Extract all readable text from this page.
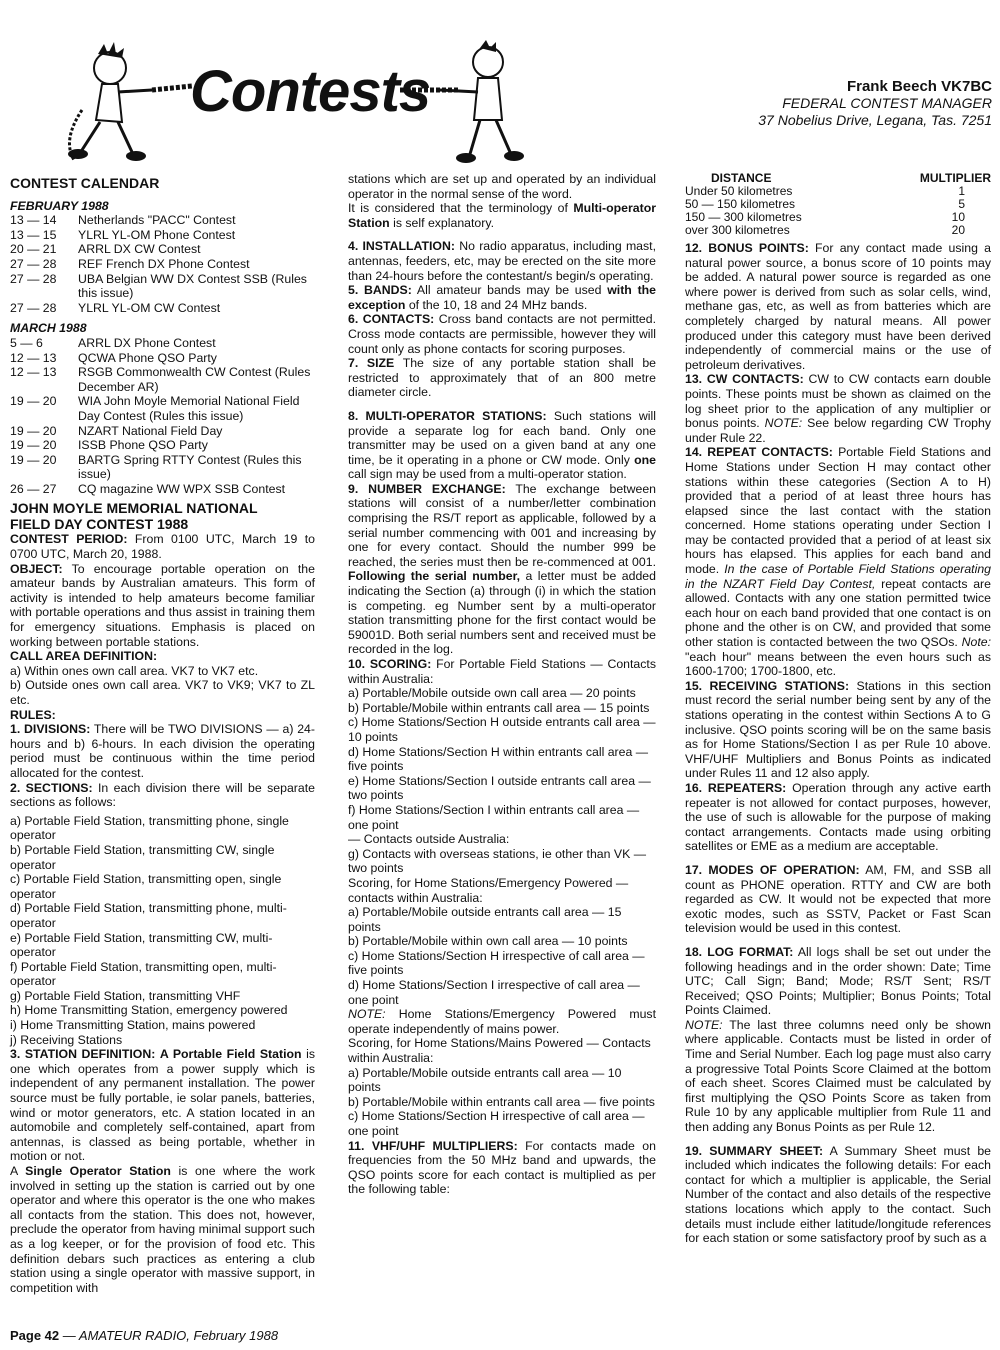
Contests	Frank Beech VK7BC
FEDERAL CONTEST MANAGER
37 Nobelius Drive, Legana, Tas. 7251
CONTEST CALENDAR
FEBRUARY 1988
13 — 14	Netherlands "PACC" Contest
13 — 15	YLRL YL-OM Phone Contest
20 — 21	ARRL DX CW Contest
27 — 28	REF French DX Phone Contest
27 — 28	UBA Belgian WW DX Contest SSB (Rules this issue)
27 — 28	YLRL YL-OM CW Contest
MARCH 1988
5 — 6	ARRL DX Phone Contest
12 — 13	QCWA Phone QSO Party
12 — 13	RSGB Commonwealth CW Contest (Rules December AR)
19 — 20	WIA John Moyle Memorial National Field Day Contest (Rules this issue)
19 — 20	NZART National Field Day
19 — 20	ISSB Phone QSO Party
19 — 20	BARTG Spring RTTY Contest (Rules this issue)
26 — 27	CQ magazine WW WPX SSB Contest
JOHN MOYLE MEMORIAL NATIONAL
FIELD DAY CONTEST 1988

CONTEST PERIOD: From 0100 UTC, March 19 to 0700 UTC, March 20, 1988.

OBJECT: To encourage portable operation on the amateur bands by Australian amateurs. This form of activity is intended to help amateurs become familiar with portable operations and thus assist in training them for emergency situations. Emphasis is placed on working between portable stations.

CALL AREA DEFINITION:

a) Within ones own call area. VK7 to VK7 etc.

b) Outside ones own call area. VK7 to VK9; VK7 to ZL etc.

RULES:

1. DIVISIONS: There will be TWO DIVISIONS — a) 24-hours and b) 6-hours. In each division the operating period must be continuous within the time period allocated for the contest.

2. SECTIONS: In each division there will be separate sections as follows:

a) Portable Field Station, transmitting phone, single operator

b) Portable Field Station, transmitting CW, single operator

c) Portable Field Station, transmitting open, single operator

d) Portable Field Station, transmitting phone, multi-operator

e) Portable Field Station, transmitting CW, multi-operator

f) Portable Field Station, transmitting open, multi-operator

g) Portable Field Station, transmitting VHF

h) Home Transmitting Station, emergency powered

i) Home Transmitting Station, mains powered

j) Receiving Stations

3. STATION DEFINITION: A Portable Field Station is one which operates from a power supply which is independent of any permanent installation. The power source must be fully portable, ie solar panels, batteries, wind or motor generators, etc. A station located in an automobile and completely self-contained, apart from antennas, is classed as being portable, whether in motion or not.

A Single Operator Station is one where the work involved in setting up the station is carried out by one operator and where this operator is the one who makes all contacts from the station. This does not, however, preclude the operator from having minimal support such as a log keeper, or for the provision of food etc. This definition debars such practices as entering a club station using a single operator with massive support, in competition with

stations which are set up and operated by an individual operator in the normal sense of the word.

It is considered that the terminology of Multi-operator Station is self explanatory.

4. INSTALLATION: No radio apparatus, including mast, antennas, feeders, etc, may be erected on the site more than 24-hours before the contestant/s begin/s operating.

5. BANDS: All amateur bands may be used with the exception of the 10, 18 and 24 MHz bands.

6. CONTACTS: Cross band contacts are not permitted. Cross mode contacts are permissible, however they will count only as phone contacts for scoring purposes.

7. SIZE The size of any portable station shall be restricted to approximately that of an 800 metre diameter circle.

8. MULTI-OPERATOR STATIONS: Such stations will provide a separate log for each band. Only one transmitter may be used on a given band at any one time, be it operating in a phone or CW mode. Only one call sign may be used from a multi-operator station.

9. NUMBER EXCHANGE: The exchange between stations will consist of a number/letter combination comprising the RS/T report as applicable, followed by a serial number commencing with 001 and increasing by one for every contact. Should the number 999 be reached, the series must then be re-commenced at 001. Following the serial number, a letter must be added indicating the Section (a) through (i) in which the station is competing. eg Number sent by a multi-operator station transmitting phone for the first contact would be 59001D. Both serial numbers sent and received must be recorded in the log.

10. SCORING: For Portable Field Stations — Contacts within Australia:

a) Portable/Mobile outside own call area — 20 points

b) Portable/Mobile within entrants call area — 15 points

c) Home Stations/Section H outside entrants call area — 10 points

d) Home Stations/Section H within entrants call area — five points

e) Home Stations/Section I outside entrants call area — two points

f) Home Stations/Section I within entrants call area — one point

— Contacts outside Australia:

g) Contacts with overseas stations, ie other than VK — two points

Scoring, for Home Stations/Emergency Powered — contacts within Australia:

a) Portable/Mobile outside entrants call area — 15 points

b) Portable/Mobile within own call area — 10 points

c) Home Stations/Section H irrespective of call area — five points

d) Home Stations/Section I irrespective of call area — one point

NOTE: Home Stations/Emergency Powered must operate independently of mains power.

Scoring, for Home Stations/Mains Powered — Contacts within Australia:

a) Portable/Mobile outside entrants call area — 10 points

b) Portable/Mobile within entrants call area — five points

c) Home Stations/Section H irrespective of call area — one point

11. VHF/UHF MULTIPLIERS: For contacts made on frequencies from the 50 MHz band and upwards, the QSO points score for each contact is multiplied as per the following table:

DISTANCE	MULTIPLIER
Under 50 kilometres	1
50 — 150 kilometres	5
150 — 300 kilometres	10
over 300 kilometres	20

12. BONUS POINTS: For any contact made using a natural power source, a bonus score of 10 points may be added. A natural power source is regarded as one where power is derived from such as solar cells, wind, methane gas, etc, as well as from batteries which are completely charged by natural means. All power produced under this category must have been derived independently of commercial mains or the use of petroleum derivatives.

13. CW CONTACTS: CW to CW contacts earn double points. These points must be shown as claimed on the log sheet prior to the application of any multiplier or bonus points. NOTE: See below regarding CW Trophy under Rule 22.

14. REPEAT CONTACTS: Portable Field Stations and Home Stations under Section H may contact other stations within these categories (Section A to H) provided that a period of at least three hours has elapsed since the last contact with the station concerned. Home stations operating under Section I may be contacted provided that a period of at least six hours has elapsed. This applies for each band and mode. In the case of Portable Field Stations operating in the NZART Field Day Contest, repeat contacts are allowed. Contacts with any one station permitted twice each hour on each band provided that one contact is on phone and the other is on CW, and provided that some other station is contacted between the two QSOs. Note: "each hour" means between the even hours such as 1600-1700; 1700-1800, etc.

15. RECEIVING STATIONS: Stations in this section must record the serial number being sent by any of the stations operating in the contest within Sections A to G inclusive. QSO points scoring will be on the same basis as for Home Stations/Section I as per Rule 10 above. VHF/UHF Multipliers and Bonus Points as indicated under Rules 11 and 12 also apply.

16. REPEATERS: Operation through any active earth repeater is not allowed for contact purposes, however, the use of such is allowable for the purpose of making contact arrangements. Contacts made using orbiting satellites or EME as a medium are acceptable.

17. MODES OF OPERATION: AM, FM, and SSB all count as PHONE operation. RTTY and CW are both regarded as CW. It would not be expected that more exotic modes, such as SSTV, Packet or Fast Scan television would be used in this contest.

18. LOG FORMAT: All logs shall be set out under the following headings and in the order shown: Date; Time UTC; Call Sign; Band; Mode; RS/T Sent; RS/T Received; QSO Points; Multiplier; Bonus Points; Total Points Claimed.

NOTE: The last three columns need only be shown where applicable. Contacts must be listed in order of Time and Serial Number. Each log page must also carry a progressive Total Points Score Claimed at the bottom of each sheet. Scores Claimed must be calculated by first multiplying the QSO Points Score as taken from Rule 10 by any applicable multiplier from Rule 11 and then adding any Bonus Points as per Rule 12.

19. SUMMARY SHEET: A Summary Sheet must be included which indicates the following details: For each contact for which a multiplier is applicable, the Serial Number of the contact and also details of the respective stations locations which apply to the contact. Such details must include either latitude/longitude references for each station or some satisfactory proof by such as a

Page 42 — AMATEUR RADIO, February 1988
